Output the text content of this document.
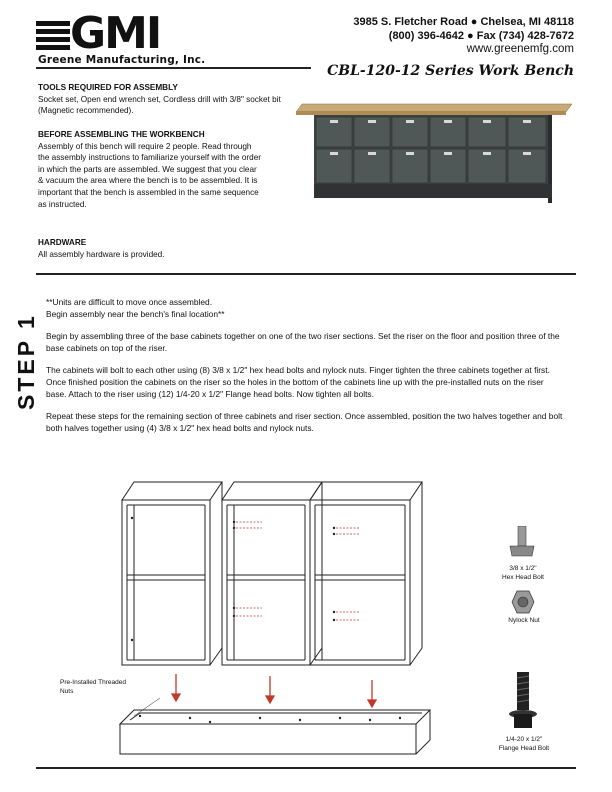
GMI
Greene Manufacturing, Inc.
3985 S. Fletcher Road ● Chelsea, MI 48118
(800) 396-4642 ● Fax (734) 428-7672
www.greenemfg.com
CBL-120-12 Series Work Bench
TOOLS REQUIRED FOR ASSEMBLY

Socket set, Open end wrench set, Cordless drill with 3/8" socket bit (Magnetic recommended).

BEFORE ASSEMBLING THE WORKBENCH

Assembly of this bench will require 2 people. Read through the assembly instructions to familiarize yourself with the order in which the parts are assembled. We suggest that you clear & vacuum the area where the bench is to be assembled. It is important that the bench is assembled in the same sequence as instructed.

HARDWARE

All assembly hardware is provided.

STEP 1

**Units are difficult to move once assembled.

Begin assembly near the bench's final location**

Begin by assembling three of the base cabinets together on one of the two riser sections. Set the riser on the floor and position three of the base cabinets on top of the riser.

The cabinets will bolt to each other using (8) 3/8 x 1/2" hex head bolts and nylock nuts. Finger tighten the three cabinets together at first. Once finished position the cabinets on the riser so the holes in the bottom of the cabinets line up with the pre-installed nuts on the riser base. Attach to the riser using (12) 1/4-20 x 1/2" Flange head bolts. Now tighten all bolts.

Repeat these steps for the remaining section of three cabinets and riser section. Once assembled, position the two halves together and bolt both halves together using (4) 3/8 x 1/2" hex head bolts and nylock nuts.

Pre-Installed Threaded
Nuts
3/8 x 1/2"
Hex Head Bolt
Nylock Nut
1/4-20 x 1/2"
Flange Head Bolt
